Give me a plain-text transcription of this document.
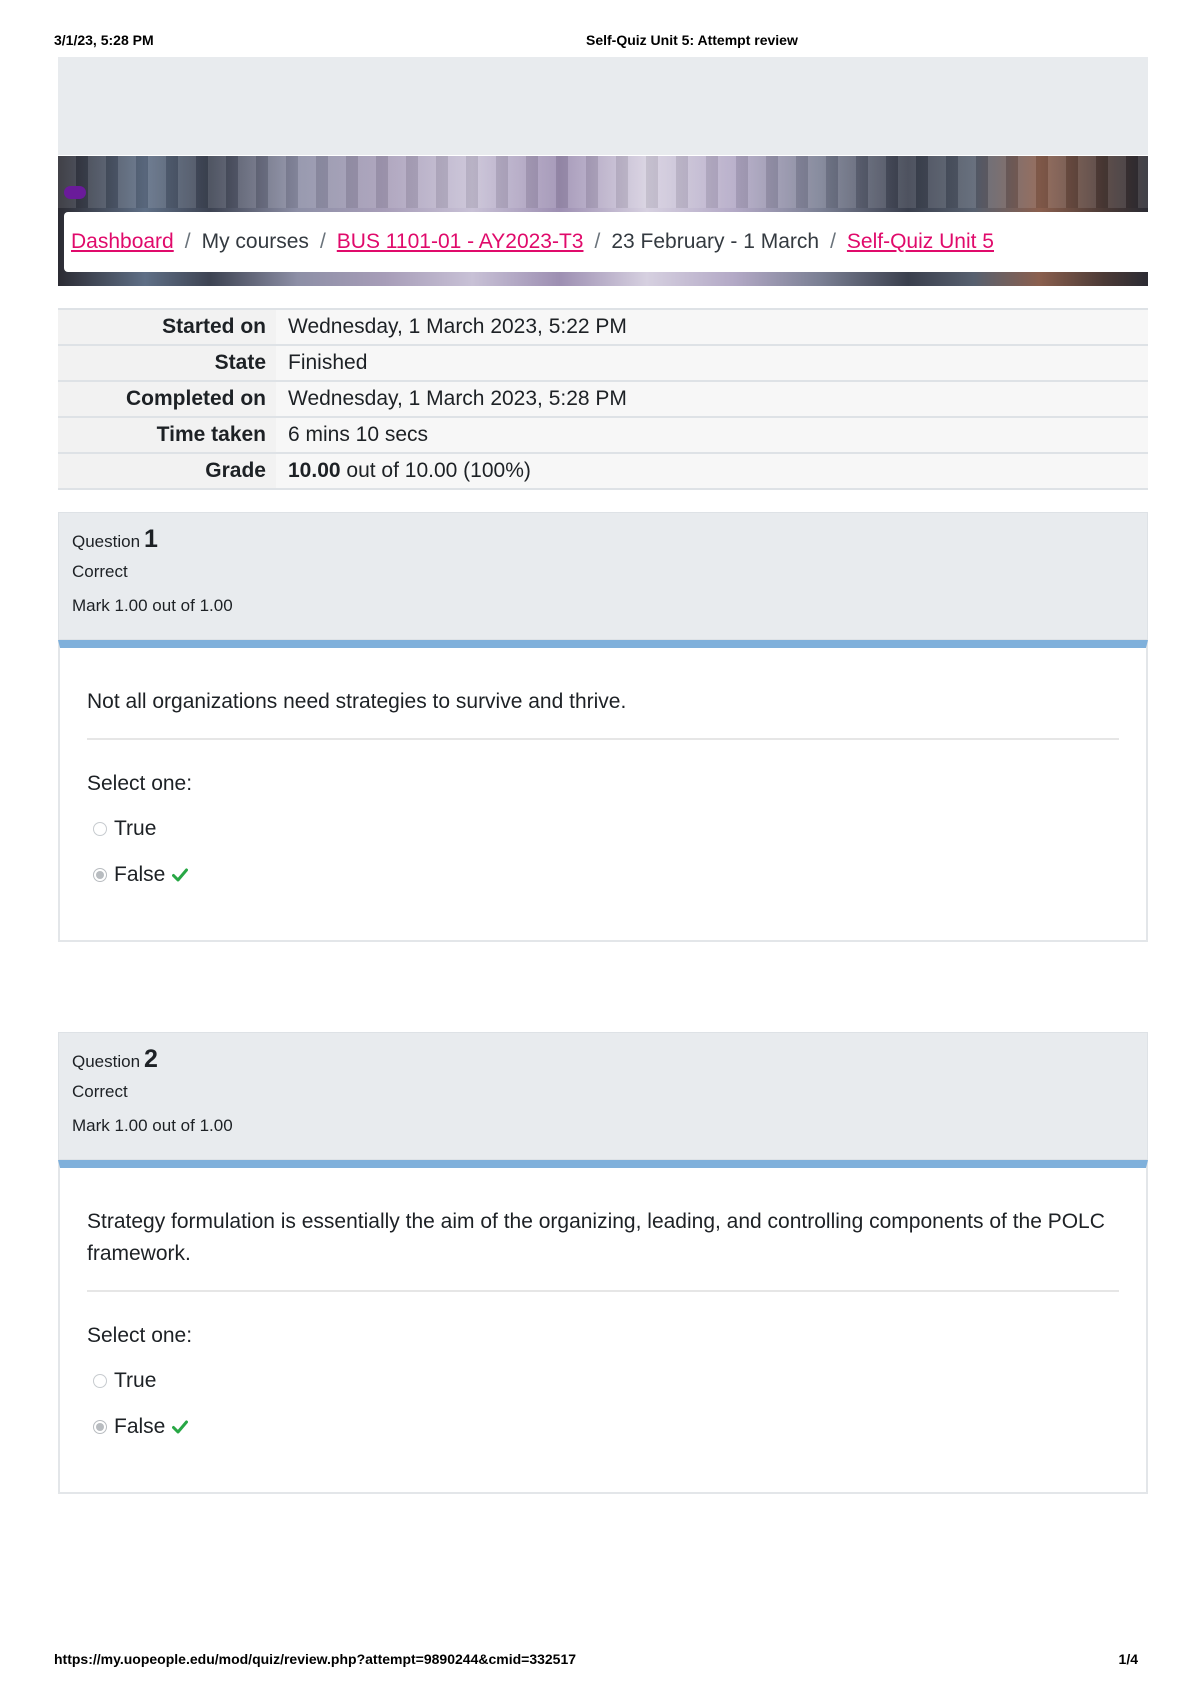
3/1/23, 5:28 PM	Self-Quiz Unit 5: Attempt review
Dashboard / My courses / BUS 1101-01 - AY2023-T3 / 23 February - 1 March / Self-Quiz Unit 5
Started on	Wednesday, 1 March 2023, 5:22 PM
State	Finished
Completed on	Wednesday, 1 March 2023, 5:28 PM
Time taken	6 mins 10 secs
Grade	10.00 out of 10.00 (100%)
Question 1
Correct
Mark 1.00 out of 1.00
Not all organizations need strategies to survive and thrive.
Select one:
True
False
Question 2
Correct
Mark 1.00 out of 1.00
Strategy formulation is essentially the aim of the organizing, leading, and controlling components of the POLC framework.
Select one:
True
False
https://my.uopeople.edu/mod/quiz/review.php?attempt=9890244&cmid=332517	1/4
